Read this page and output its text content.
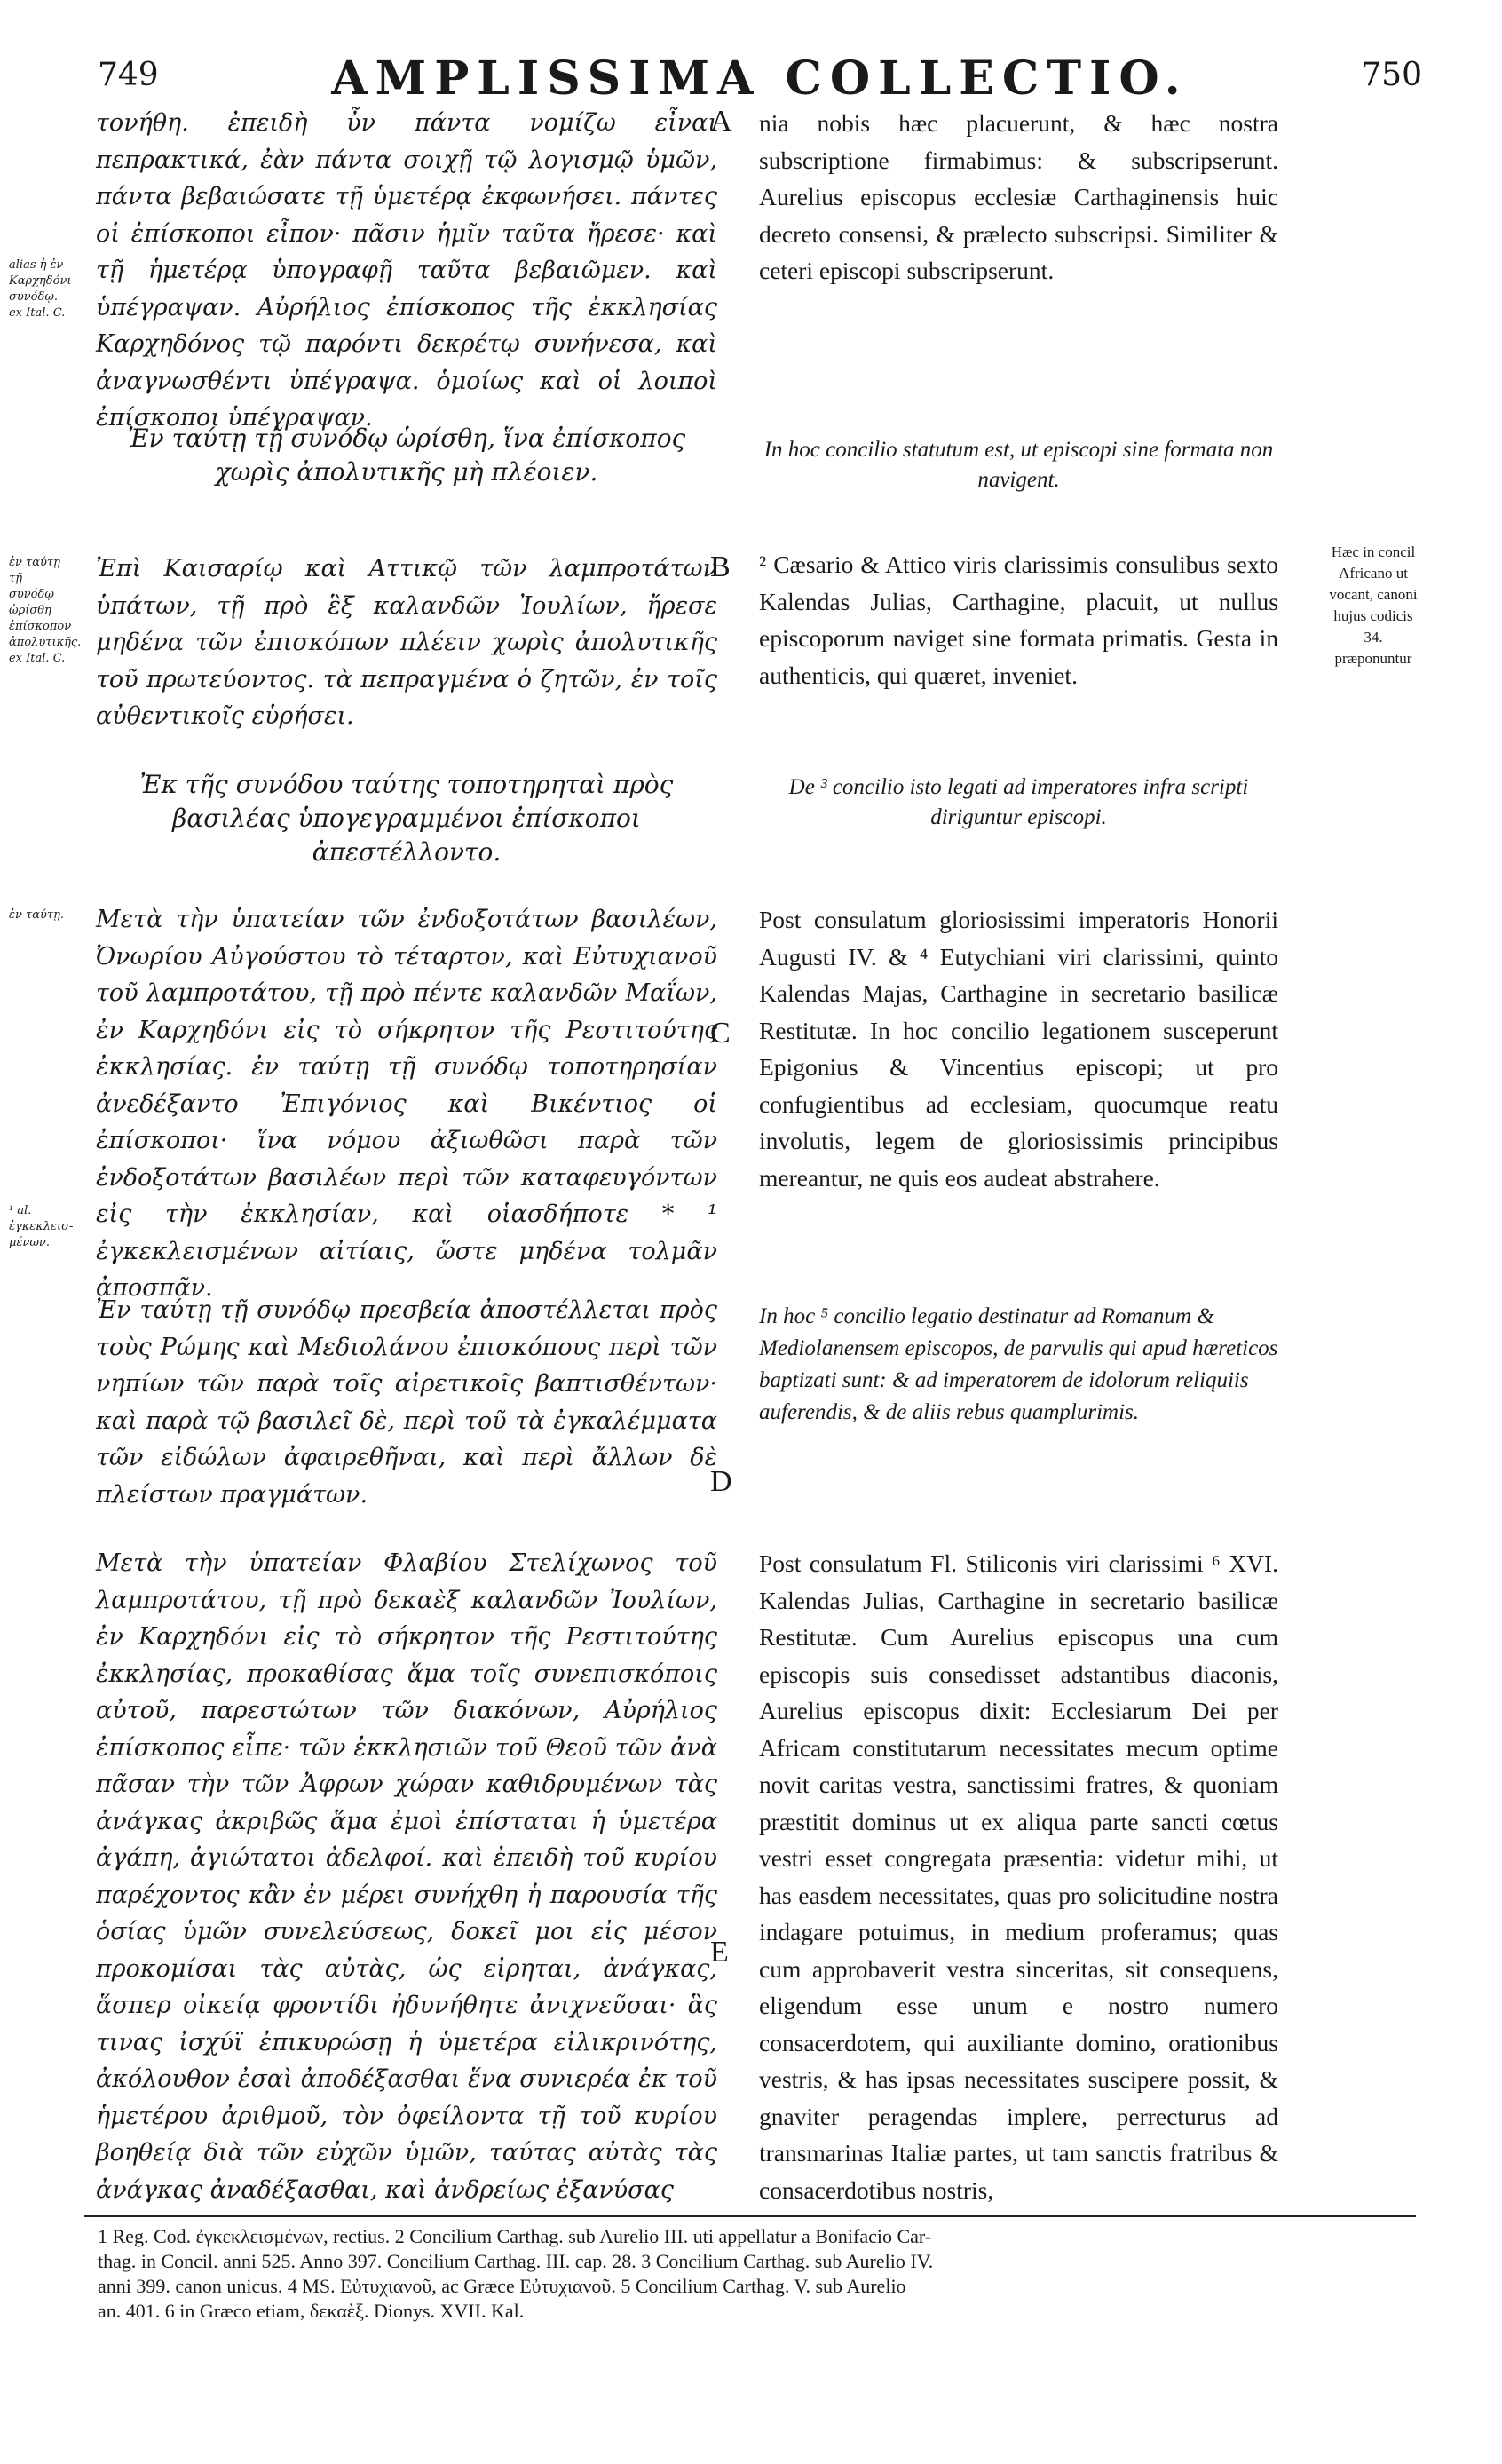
749	AMPLISSIMA COLLECTIO.	750

τονήθη. ἐπειδὴ ὖν πάντα νομίζω εἶναι πεπρακτικά, ἐὰν πάντα σοιχῇ τῷ λογισμῷ ὑμῶν, πάντα βεβαιώσατε τῇ ὑμετέρᾳ ἐκφωνήσει. πάντες οἱ ἐπίσκοποι εἶπον· πᾶσιν ἡμῖν ταῦτα ἤρεσε· καὶ τῇ ἡμετέρᾳ ὑπογραφῇ ταῦτα βεβαιῶμεν. καὶ ὑπέγραψαν. Αὐρήλιος ἐπίσκοπος τῆς ἐκκλησίας Καρχηδόνος τῷ παρόντι δεκρέτῳ συνήνεσα, καὶ ἀναγνωσθέντι ὑπέγραψα. ὁμοίως καὶ οἱ λοιποὶ ἐπίσκοποι ὑπέγραψαν.

Ἐν ταύτῃ τῇ συνόδῳ ὡρίσθη, ἵνα ἐπίσκοπος χωρὶς ἀπολυτικῆς μὴ πλέοιεν.

Ἐπὶ Καισαρίῳ καὶ Αττικῷ τῶν λαμπροτάτων ὑπάτων, τῇ πρὸ ἓξ καλανδῶν Ἰουλίων, ἤρεσε μηδένα τῶν ἐπισκόπων πλέειν χωρὶς ἀπολυτικῆς τοῦ πρωτεύοντος. τὰ πεπραγμένα ὁ ζητῶν, ἐν τοῖς αὐθεντικοῖς εὑρήσει.

Ἐκ τῆς συνόδου ταύτης τοποτηρηταὶ πρὸς βασιλέας ὑπογεγραμμένοι ἐπίσκοποι ἀπεστέλλοντο.

Μετὰ τὴν ὑπατείαν τῶν ἐνδοξοτάτων βασιλέων, Ὀνωρίου Αὐγούστου τὸ τέταρτον, καὶ Εὐτυχιανοῦ τοῦ λαμπροτάτου, τῇ πρὸ πέντε καλανδῶν Μαΐων, ἐν Καρχηδόνι εἰς τὸ σήκρητον τῆς Ρεστιτούτης ἐκκλησίας. ἐν ταύτῃ τῇ συνόδῳ τοποτηρησίαν ἀνεδέξαντο Ἐπιγόνιος καὶ Βικέντιος οἱ ἐπίσκοποι· ἵνα νόμου ἀξιωθῶσι παρὰ τῶν ἐνδοξοτάτων βασιλέων περὶ τῶν καταφευγόντων εἰς τὴν ἐκκλησίαν, καὶ οἱασδήποτε * ¹ ἐγκεκλεισμένων αἰτίαις, ὥστε μηδένα τολμᾶν ἀποσπᾶν.

Ἐν ταύτῃ τῇ συνόδῳ πρεσβεία ἀποστέλλεται πρὸς τοὺς Ρώμης καὶ Μεδιολάνου ἐπισκόπους περὶ τῶν νηπίων τῶν παρὰ τοῖς αἱρετικοῖς βαπτισθέντων· καὶ παρὰ τῷ βασιλεῖ δὲ, περὶ τοῦ τὰ ἐγκαλέμματα τῶν εἰδώλων ἀφαιρεθῆναι, καὶ περὶ ἄλλων δὲ πλείστων πραγμάτων.

Μετὰ τὴν ὑπατείαν Φλαβίου Στελίχωνος τοῦ λαμπροτάτου, τῇ πρὸ δεκαὲξ καλανδῶν Ἰουλίων, ἐν Καρχηδόνι εἰς τὸ σήκρητον τῆς Ρεστιτούτης ἐκκλησίας, προκαθίσας ἅμα τοῖς συνεπισκόποις αὐτοῦ, παρεστώτων τῶν διακόνων, Αὐρήλιος ἐπίσκοπος εἶπε· τῶν ἐκκλησιῶν τοῦ Θεοῦ τῶν ἀνὰ πᾶσαν τὴν τῶν Ἀφρων χώραν καθιδρυμένων τὰς ἀνάγκας ἀκριβῶς ἅμα ἐμοὶ ἐπίσταται ἡ ὑμετέρα ἀγάπη, ἁγιώτατοι ἀδελφοί. καὶ ἐπειδὴ τοῦ κυρίου παρέχοντος κἂν ἐν μέρει συνήχθη ἡ παρουσία τῆς ὁσίας ὑμῶν συνελεύσεως, δοκεῖ μοι εἰς μέσον προκομίσαι τὰς αὐτὰς, ὡς εἰρηται, ἀνάγκας, ἅσπερ οἰκείᾳ φροντίδι ἠδυνήθητε ἀνιχνεῦσαι· ἃς τινας ἰσχύϊ ἐπικυρώσῃ ἡ ὑμετέρα εἰλικρινότης, ἀκόλουθον ἐσαὶ ἀποδέξασθαι ἕνα συνιερέα ἐκ τοῦ ἡμετέρου ἀριθμοῦ, τὸν ὀφείλοντα τῇ τοῦ κυρίου βοηθείᾳ διὰ τῶν εὐχῶν ὑμῶν, ταύτας αὐτὰς τὰς ἀνάγκας ἀναδέξασθαι, καὶ ἀνδρείως ἐξανύσας

nia nobis hæc placuerunt, & hæc nostra subscriptione firmabimus: & subscripserunt. Aurelius episcopus ecclesiæ Carthaginensis huic decreto consensi, & prælecto subscripsi. Similiter & ceteri episcopi subscripserunt.

In hoc concilio statutum est, ut episcopi sine formata non navigent.

² Cæsario & Attico viris clarissimis consulibus sexto Kalendas Julias, Carthagine, placuit, ut nullus episcoporum naviget sine formata primatis. Gesta in authenticis, qui quæret, inveniet.

De ³ concilio isto legati ad imperatores infra scripti diriguntur episcopi.

Post consulatum gloriosissimi imperatoris Honorii Augusti IV. & ⁴ Eutychiani viri clarissimi, quinto Kalendas Majas, Carthagine in secretario basilicæ Restitutæ. In hoc concilio legationem susceperunt Epigonius & Vincentius episcopi; ut pro confugientibus ad ecclesiam, quocumque reatu involutis, legem de gloriosissimis principibus mereantur, ne quis eos audeat abstrahere.

In hoc ⁵ concilio legatio destinatur ad Romanum & Mediolanensem episcopos, de parvulis qui apud hæreticos baptizati sunt: & ad imperatorem de idolorum reliquiis auferendis, & de aliis rebus quamplurimis.

Post consulatum Fl. Stiliconis viri clarissimi ⁶ XVI. Kalendas Julias, Carthagine in secretario basilicæ Restitutæ. Cum Aurelius episcopus una cum episcopis suis consedisset adstantibus diaconis, Aurelius episcopus dixit: Ecclesiarum Dei per Africam constitutarum necessitates mecum optime novit caritas vestra, sanctissimi fratres, & quoniam præstitit dominus ut ex aliqua parte sancti cœtus vestri esset congregata præsentia: videtur mihi, ut has easdem necessitates, quas pro solicitudine nostra indagare potuimus, in medium proferamus; quas cum approbaverit vestra sinceritas, sit consequens, eligendum esse unum e nostro numero consacerdotem, qui auxiliante domino, orationibus vestris, & has ipsas necessitates suscipere possit, & gnaviter peragendas implere, perrecturus ad transmarinas Italiæ partes, ut tam sanctis fratribus & consacerdotibus nostris,

A
B
C
D
E
alias ἡ ἐν Καρχηδόνι συνόδῳ. ex Ital. C.
ἐν ταύτῃ τῇ συνόδῳ ὡρίσθη ἐπίσκοπον ἀπολυτικῆς. ex Ital. C.
ἐν ταύτῃ.
¹ al. ἐγκεκλεισ-μένων.
Hæc in concil Africano ut vocant, canoni hujus codicis 34. præponuntur

1 Reg. Cod. ἐγκεκλεισμένων, rectius. 2 Concilium Carthag. sub Aurelio III. uti appellatur a Bonifacio Car-

thag. in Concil. anni 525. Anno 397. Concilium Carthag. III. cap. 28. 3 Concilium Carthag. sub Aurelio IV.

anni 399. canon unicus. 4 MS. Εὐτυχιανοῦ, ac Græce Εὐτυχιανοῦ. 5 Concilium Carthag. V. sub Aurelio

an. 401. 6 in Græco etiam, δεκαὲξ. Dionys. XVII. Kal.
